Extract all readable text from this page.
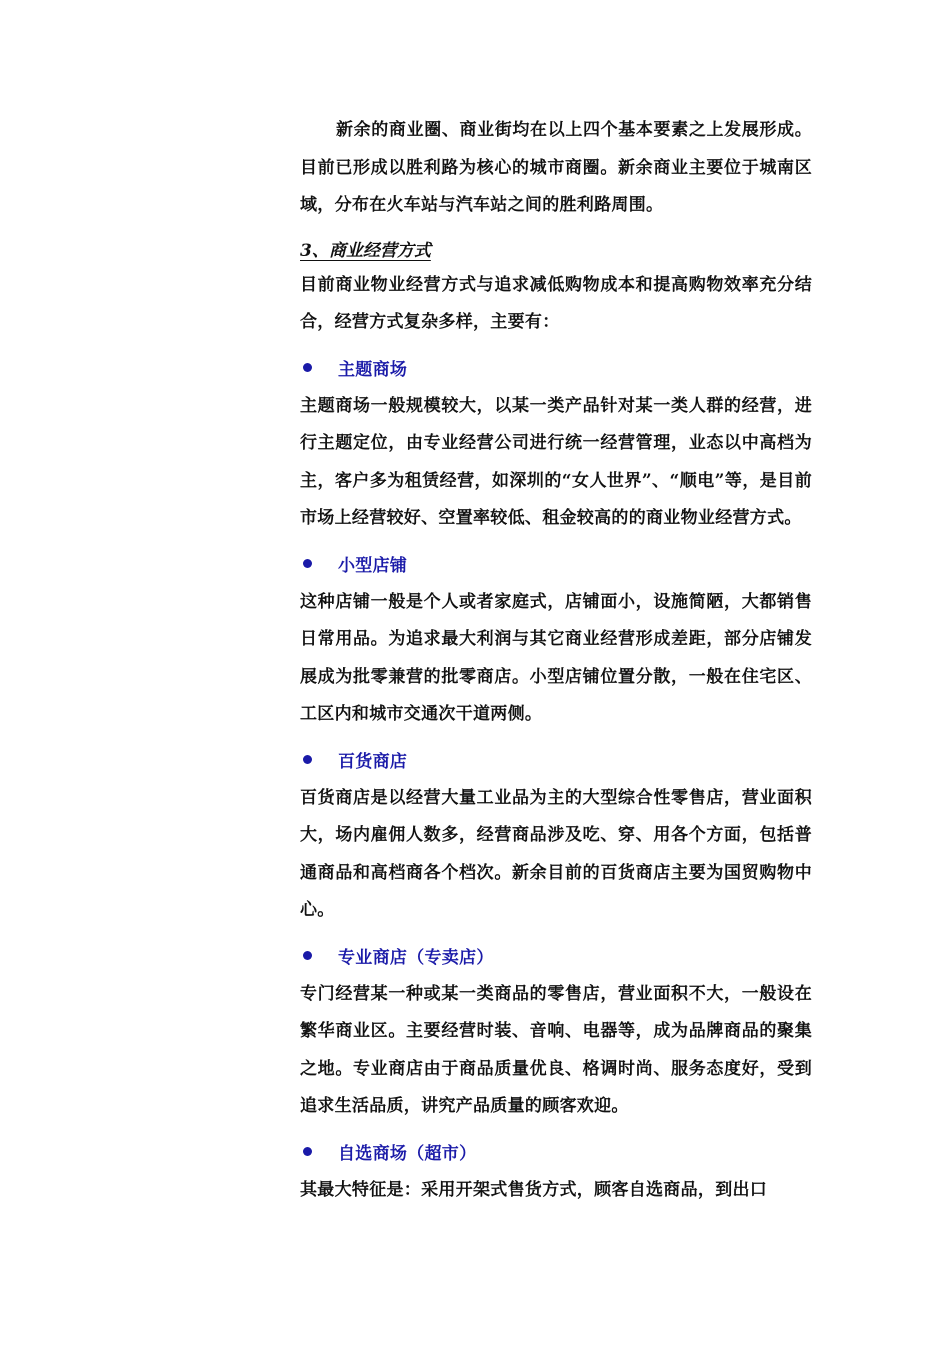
新余的商业圈、商业街均在以上四个基本要素之上发展形成。目前已形成以胜利路为核心的城市商圈。新余商业主要位于城南区域，分布在火车站与汽车站之间的胜利路周围。

3、商业经营方式

目前商业物业经营方式与追求减低购物成本和提高购物效率充分结合，经营方式复杂多样，主要有：

主题商场

主题商场一般规模较大，以某一类产品针对某一类人群的经营，进行主题定位，由专业经营公司进行统一经营管理，业态以中高档为主，客户多为租赁经营，如深圳的“女人世界”、“顺电”等，是目前市场上经营较好、空置率较低、租金较高的的商业物业经营方式。

小型店铺

这种店铺一般是个人或者家庭式，店铺面小，设施简陋，大都销售日常用品。为追求最大利润与其它商业经营形成差距，部分店铺发展成为批零兼营的批零商店。小型店铺位置分散，一般在住宅区、工区内和城市交通次干道两侧。

百货商店

百货商店是以经营大量工业品为主的大型综合性零售店，营业面积大，场内雇佣人数多，经营商品涉及吃、穿、用各个方面，包括普通商品和高档商各个档次。新余目前的百货商店主要为国贸购物中心。

专业商店（专卖店）

专门经营某一种或某一类商品的零售店，营业面积不大，一般设在繁华商业区。主要经营时装、音响、电器等，成为品牌商品的聚集之地。专业商店由于商品质量优良、格调时尚、服务态度好，受到追求生活品质，讲究产品质量的顾客欢迎。

自选商场（超市）

其最大特征是：采用开架式售货方式，顾客自选商品，到出口
